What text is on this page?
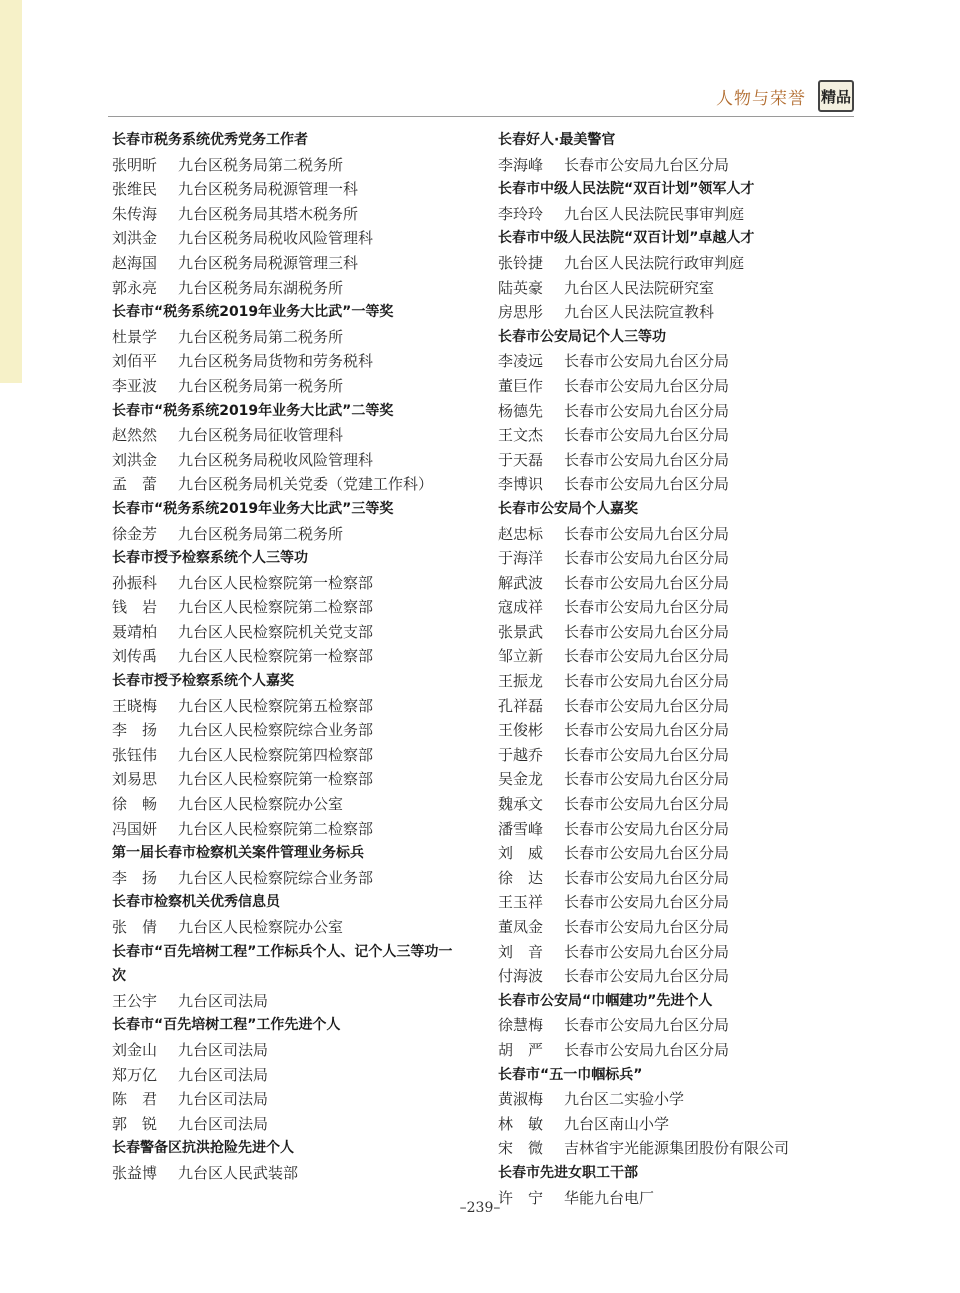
人物与荣誉 精品
长春市税务系统优秀党务工作者
张明昕	九台区税务局第二税务所
张维民	九台区税务局税源管理一科
朱传海	九台区税务局其塔木税务所
刘洪金	九台区税务局税收风险管理科
赵海国	九台区税务局税源管理三科
郭永亮	九台区税务局东湖税务所
长春市“税务系统2019年业务大比武”一等奖
杜景学	九台区税务局第二税务所
刘佰平	九台区税务局货物和劳务税科
李亚波	九台区税务局第一税务所
长春市“税务系统2019年业务大比武”二等奖
赵然然	九台区税务局征收管理科
刘洪金	九台区税务局税收风险管理科
孟　蕾	九台区税务局机关党委（党建工作科）
长春市“税务系统2019年业务大比武”三等奖
徐金芳	九台区税务局第二税务所
长春市授予检察系统个人三等功
孙振科	九台区人民检察院第一检察部
钱　岩	九台区人民检察院第二检察部
聂靖柏	九台区人民检察院机关党支部
刘传禹	九台区人民检察院第一检察部
长春市授予检察系统个人嘉奖
王晓梅	九台区人民检察院第五检察部
李　扬	九台区人民检察院综合业务部
张钰伟	九台区人民检察院第四检察部
刘易思	九台区人民检察院第一检察部
徐　畅	九台区人民检察院办公室
冯国妍	九台区人民检察院第二检察部
第一届长春市检察机关案件管理业务标兵
李　扬	九台区人民检察院综合业务部
长春市检察机关优秀信息员
张　倩	九台区人民检察院办公室
长春市“百先培树工程”工作标兵个人、记个人三等功一次
王公宇	九台区司法局
长春市“百先培树工程”工作先进个人
刘金山	九台区司法局
郑万亿	九台区司法局
陈　君	九台区司法局
郭　锐	九台区司法局
长春警备区抗洪抢险先进个人
张益博	九台区人民武装部
长春好人·最美警官
李海峰	长春市公安局九台区分局
长春市中级人民法院“双百计划”领军人才
李玲玲	九台区人民法院民事审判庭
长春市中级人民法院“双百计划”卓越人才
张铃捷	九台区人民法院行政审判庭
陆英豪	九台区人民法院研究室
房思彤	九台区人民法院宣教科
长春市公安局记个人三等功
李凌远	长春市公安局九台区分局
董巨作	长春市公安局九台区分局
杨德先	长春市公安局九台区分局
王文杰	长春市公安局九台区分局
于天磊	长春市公安局九台区分局
李博识	长春市公安局九台区分局
长春市公安局个人嘉奖
赵忠标	长春市公安局九台区分局
于海洋	长春市公安局九台区分局
解武波	长春市公安局九台区分局
寇成祥	长春市公安局九台区分局
张景武	长春市公安局九台区分局
邹立新	长春市公安局九台区分局
王振龙	长春市公安局九台区分局
孔祥磊	长春市公安局九台区分局
王俊彬	长春市公安局九台区分局
于越乔	长春市公安局九台区分局
吴金龙	长春市公安局九台区分局
魏承文	长春市公安局九台区分局
潘雪峰	长春市公安局九台区分局
刘　威	长春市公安局九台区分局
徐　达	长春市公安局九台区分局
王玉祥	长春市公安局九台区分局
董凤金	长春市公安局九台区分局
刘　音	长春市公安局九台区分局
付海波	长春市公安局九台区分局
长春市公安局“巾帼建功”先进个人
徐慧梅	长春市公安局九台区分局
胡　严	长春市公安局九台区分局
长春市“五一巾帼标兵”
黄淑梅	九台区二实验小学
林　敏	九台区南山小学
宋　微	吉林省宇光能源集团股份有限公司
长春市先进女职工干部
许　宁	华能九台电厂
–239–
